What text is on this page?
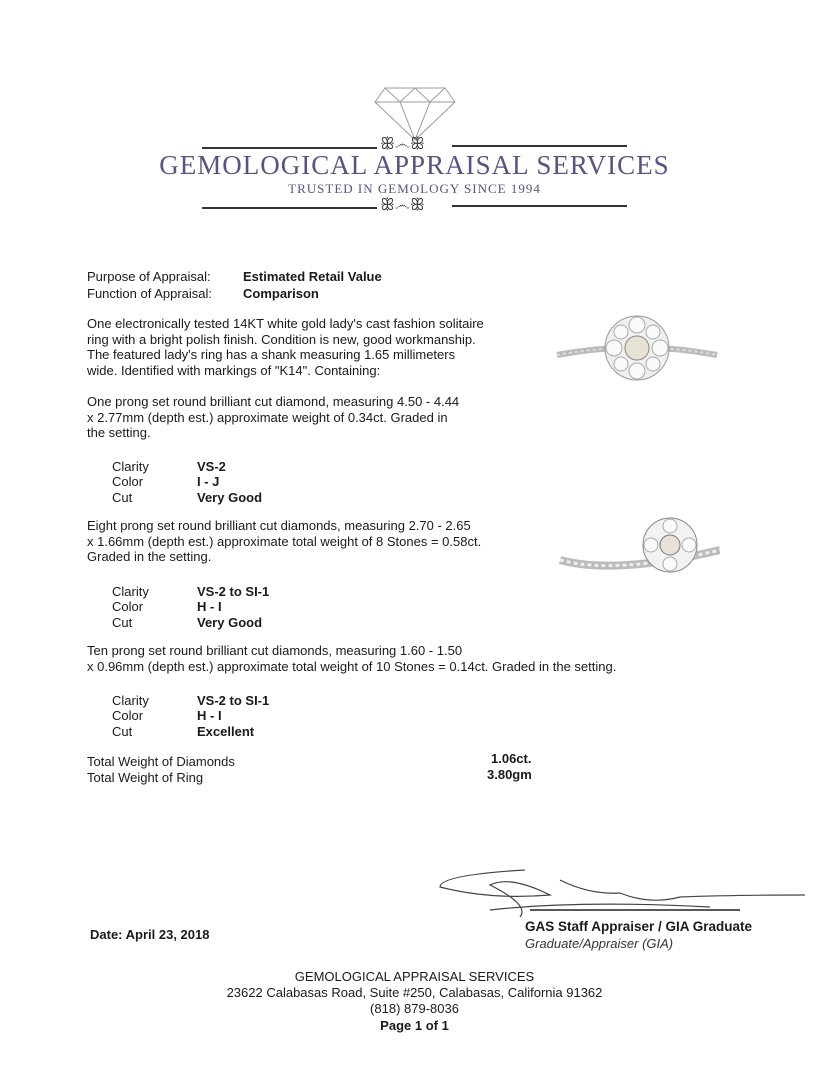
ꕥ෴ꕥ
GEMOLOGICAL APPRAISAL SERVICES
TRUSTED IN GEMOLOGY SINCE 1994
ꕥ෴ꕥ
Purpose of Appraisal: Estimated Retail Value
Function of Appraisal: Comparison
One electronically tested 14KT white gold lady's cast fashion solitaire
ring with a bright polish finish. Condition is new, good workmanship.
The featured lady's ring has a shank measuring 1.65 millimeters
wide. Identified with markings of "K14". Containing:
One prong set round brilliant cut diamond, measuring 4.50 - 4.44
x 2.77mm (depth est.) approximate weight of 0.34ct. Graded in
the setting.
Clarity	VS-2
Color	I - J
Cut	Very Good
Eight prong set round brilliant cut diamonds, measuring 2.70 - 2.65
x 1.66mm (depth est.) approximate total weight of 8 Stones = 0.58ct.
Graded in the setting.
Clarity	VS-2 to SI-1
Color	H - I
Cut	Very Good
Ten prong set round brilliant cut diamonds, measuring 1.60 - 1.50
x 0.96mm (depth est.) approximate total weight of 10 Stones = 0.14ct. Graded in the setting.
Clarity	VS-2 to SI-1
Color	H - I
Cut	Excellent
Total Weight of Diamonds	1.06ct.
Total Weight of Ring	3.80gm
GAS Staff Appraiser / GIA Graduate
Graduate/Appraiser (GIA)
Date: April 23, 2018
GEMOLOGICAL APPRAISAL SERVICES
23622 Calabasas Road, Suite #250, Calabasas, California 91362
(818) 879-8036
Page 1 of 1
